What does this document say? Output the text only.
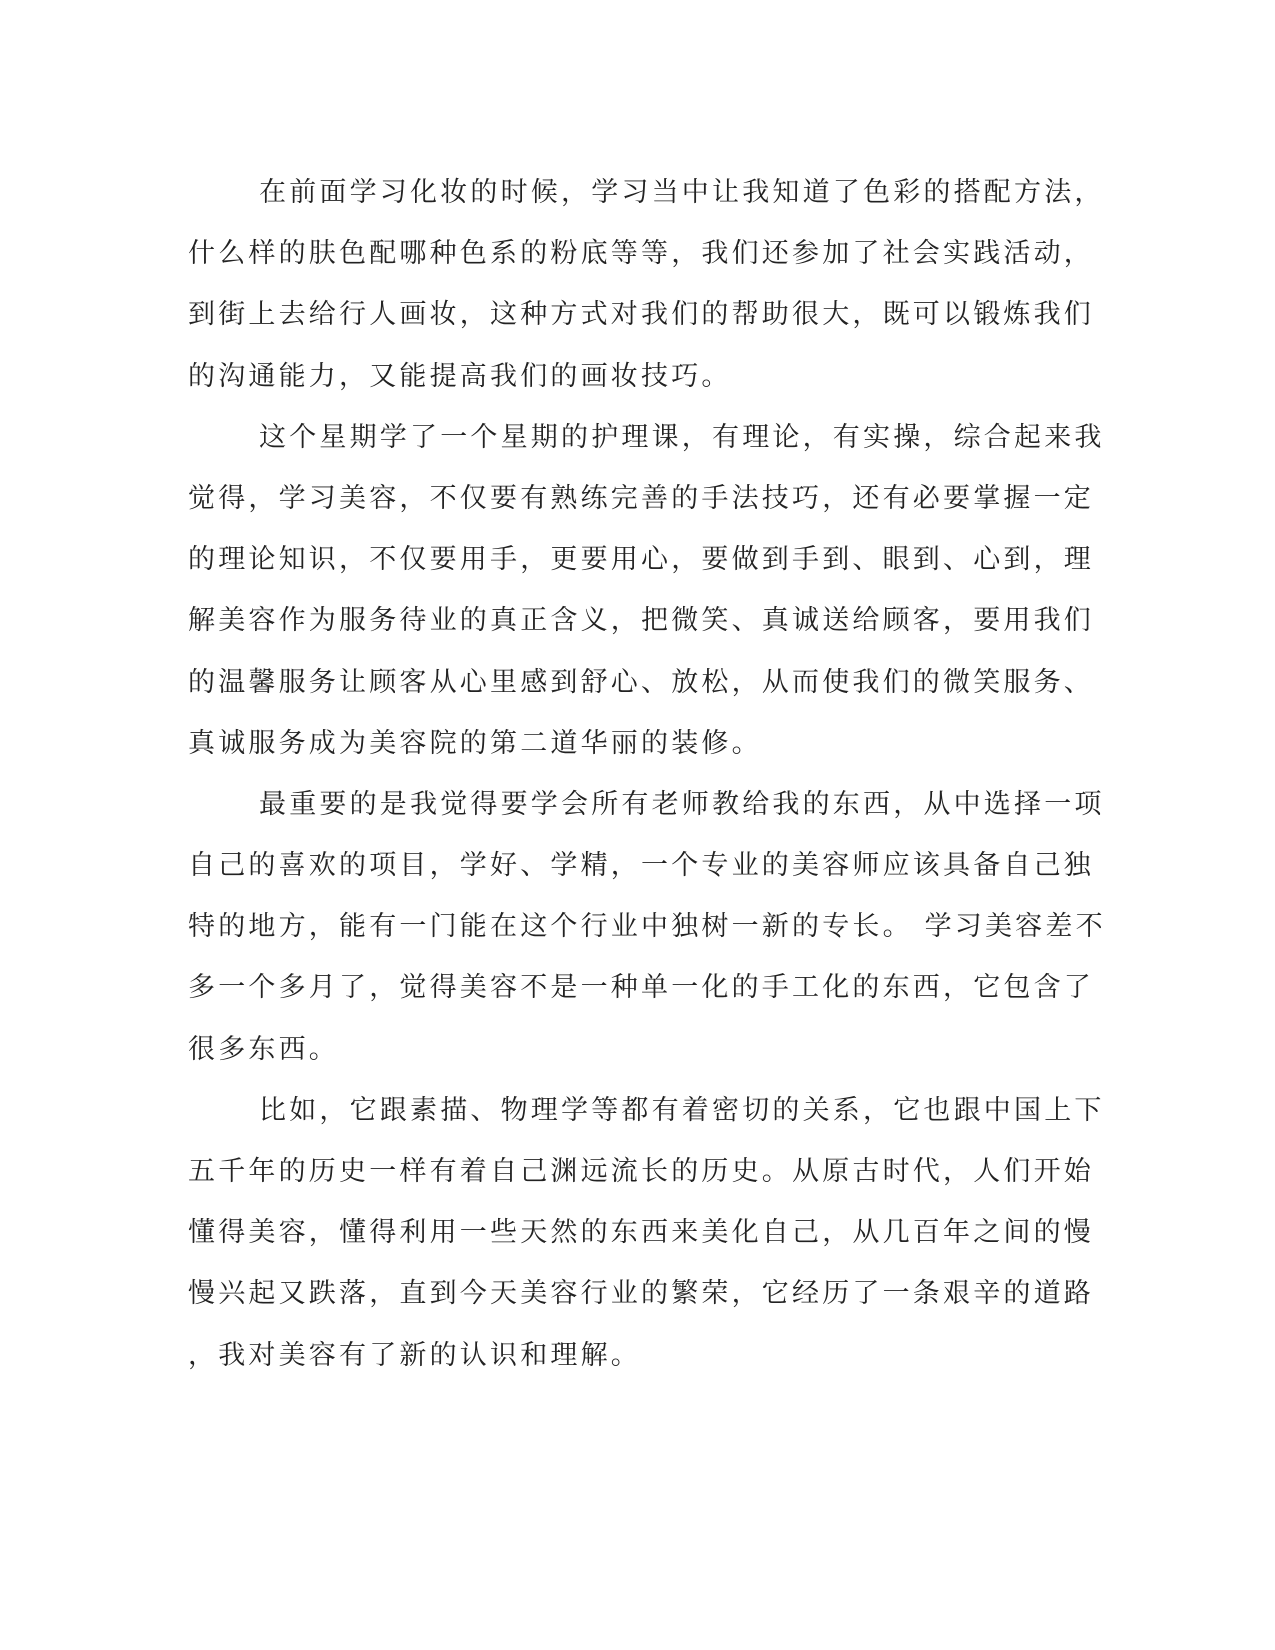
在前面学习化妆的时候，学习当中让我知道了色彩的搭配方法，
什么样的肤色配哪种色系的粉底等等，我们还参加了社会实践活动，
到街上去给行人画妆，这种方式对我们的帮助很大，既可以锻炼我们
的沟通能力，又能提高我们的画妆技巧。
这个星期学了一个星期的护理课，有理论，有实操，综合起来我
觉得，学习美容，不仅要有熟练完善的手法技巧，还有必要掌握一定
的理论知识，不仅要用手，更要用心，要做到手到、眼到、心到，理
解美容作为服务待业的真正含义，把微笑、真诚送给顾客，要用我们
的温馨服务让顾客从心里感到舒心、放松，从而使我们的微笑服务、
真诚服务成为美容院的第二道华丽的装修。
最重要的是我觉得要学会所有老师教给我的东西，从中选择一项
自己的喜欢的项目，学好、学精，一个专业的美容师应该具备自己独
特的地方，能有一门能在这个行业中独树一新的专长。 学习美容差不
多一个多月了，觉得美容不是一种单一化的手工化的东西，它包含了
很多东西。
比如，它跟素描、物理学等都有着密切的关系，它也跟中国上下
五千年的历史一样有着自己渊远流长的历史。从原古时代，人们开始
懂得美容，懂得利用一些天然的东西来美化自己，从几百年之间的慢
慢兴起又跌落，直到今天美容行业的繁荣，它经历了一条艰辛的道路
，我对美容有了新的认识和理解。
